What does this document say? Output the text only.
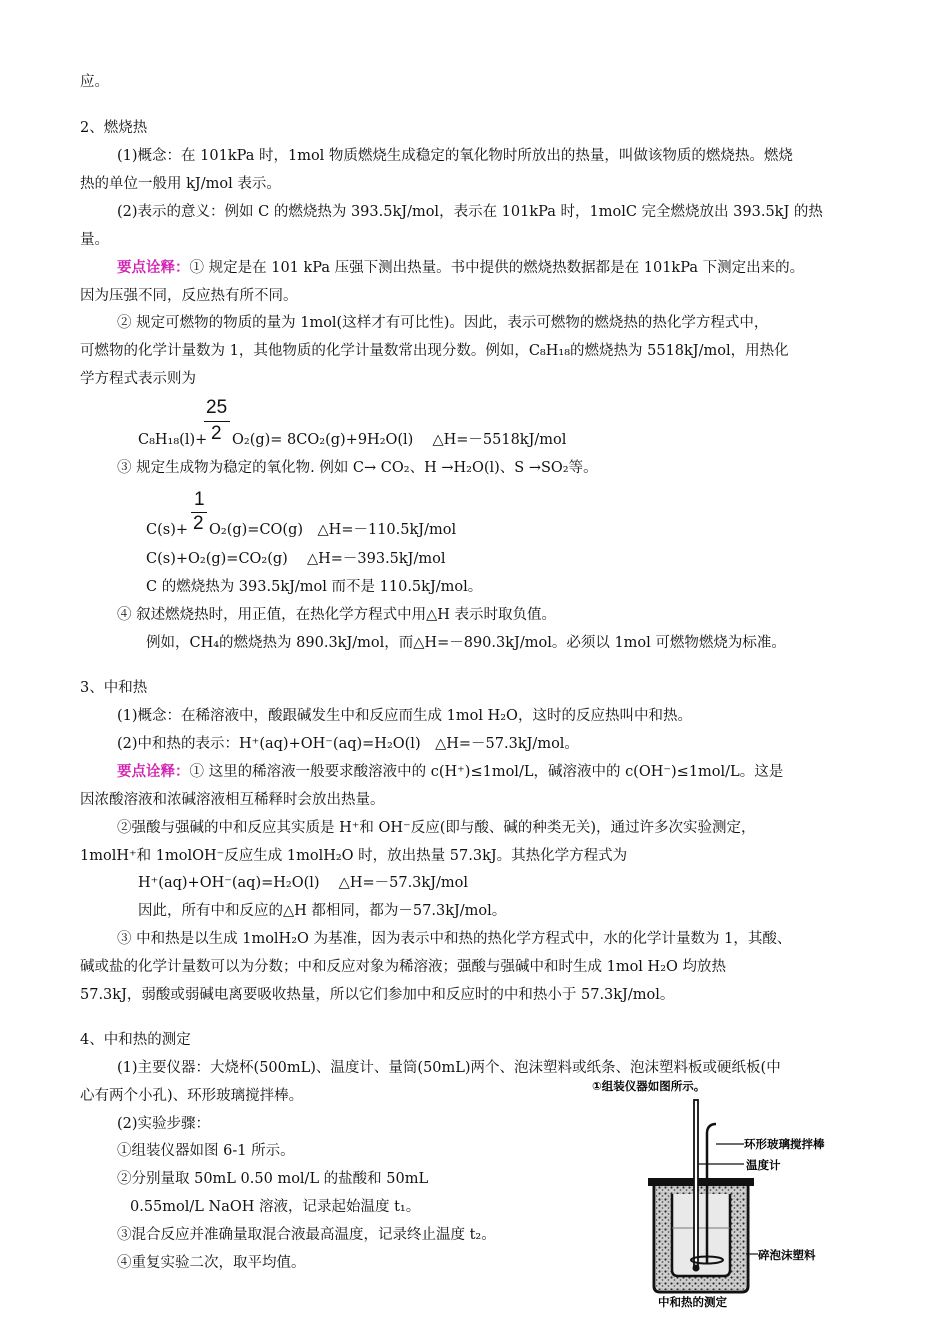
应。
2、燃烧热
(1)概念：在 101kPa 时，1mol 物质燃烧生成稳定的氧化物时所放出的热量，叫做该物质的燃烧热。燃烧
热的单位一般用 kJ/mol 表示。
(2)表示的意义：例如 C 的燃烧热为 393.5kJ/mol，表示在 101kPa 时，1molC 完全燃烧放出 393.5kJ 的热
量。
要点诠释：① 规定是在 101 kPa 压强下测出热量。书中提供的燃烧热数据都是在 101kPa 下测定出来的。
因为压强不同，反应热有所不同。
② 规定可燃物的物质的量为 1mol(这样才有可比性)。因此，表示可燃物的燃烧热的热化学方程式中，
可燃物的化学计量数为 1，其他物质的化学计量数常出现分数。例如，C₈H₁₈的燃烧热为 5518kJ/mol，用热化
学方程式表示则为
25
2
C₈H₁₈(l)+ O₂(g)= 8CO₂(g)+9H₂O(l)　 △H=－5518kJ/mol
③ 规定生成物为稳定的氧化物. 例如 C→ CO₂、H →H₂O(l)、S →SO₂等。
1
2
C(s)+ O₂(g)=CO(g)　△H=－110.5kJ/mol
C(s)+O₂(g)=CO₂(g)　 △H=－393.5kJ/mol
C 的燃烧热为 393.5kJ/mol 而不是 110.5kJ/mol。
④ 叙述燃烧热时，用正值，在热化学方程式中用△H 表示时取负值。
例如，CH₄的燃烧热为 890.3kJ/mol，而△H=－890.3kJ/mol。必须以 1mol 可燃物燃烧为标准。
3、中和热
(1)概念：在稀溶液中，酸跟碱发生中和反应而生成 1mol H₂O，这时的反应热叫中和热。
(2)中和热的表示：H⁺(aq)+OH⁻(aq)=H₂O(l)　△H=－57.3kJ/mol。
要点诠释：① 这里的稀溶液一般要求酸溶液中的 c(H⁺)≤1mol/L，碱溶液中的 c(OH⁻)≤1mol/L。这是
因浓酸溶液和浓碱溶液相互稀释时会放出热量。
②强酸与强碱的中和反应其实质是 H⁺和 OH⁻反应(即与酸、碱的种类无关)，通过许多次实验测定，
1molH⁺和 1molOH⁻反应生成 1molH₂O 时，放出热量 57.3kJ。其热化学方程式为
H⁺(aq)+OH⁻(aq)=H₂O(l)　 △H=－57.3kJ/mol
因此，所有中和反应的△H 都相同，都为－57.3kJ/mol。
③ 中和热是以生成 1molH₂O 为基准，因为表示中和热的热化学方程式中，水的化学计量数为 1，其酸、
碱或盐的化学计量数可以为分数；中和反应对象为稀溶液；强酸与强碱中和时生成 1mol H₂O 均放热
57.3kJ，弱酸或弱碱电离要吸收热量，所以它们参加中和反应时的中和热小于 57.3kJ/mol。
4、中和热的测定
(1)主要仪器：大烧杯(500mL)、温度计、量筒(50mL)两个、泡沫塑料或纸条、泡沫塑料板或硬纸板(中
心有两个小孔)、环形玻璃搅拌棒。
(2)实验步骤：
①组装仪器如图 6-1 所示。
②分别量取 50mL 0.50 mol/L 的盐酸和 50mL
0.55mol/L NaOH 溶液，记录起始温度 t₁。
③混合反应并准确量取混合液最高温度，记录终止温度 t₂。
④重复实验二次，取平均值。
①组装仪器如图所示。
环形玻璃搅拌棒
温度计
碎泡沫塑料
中和热的测定
